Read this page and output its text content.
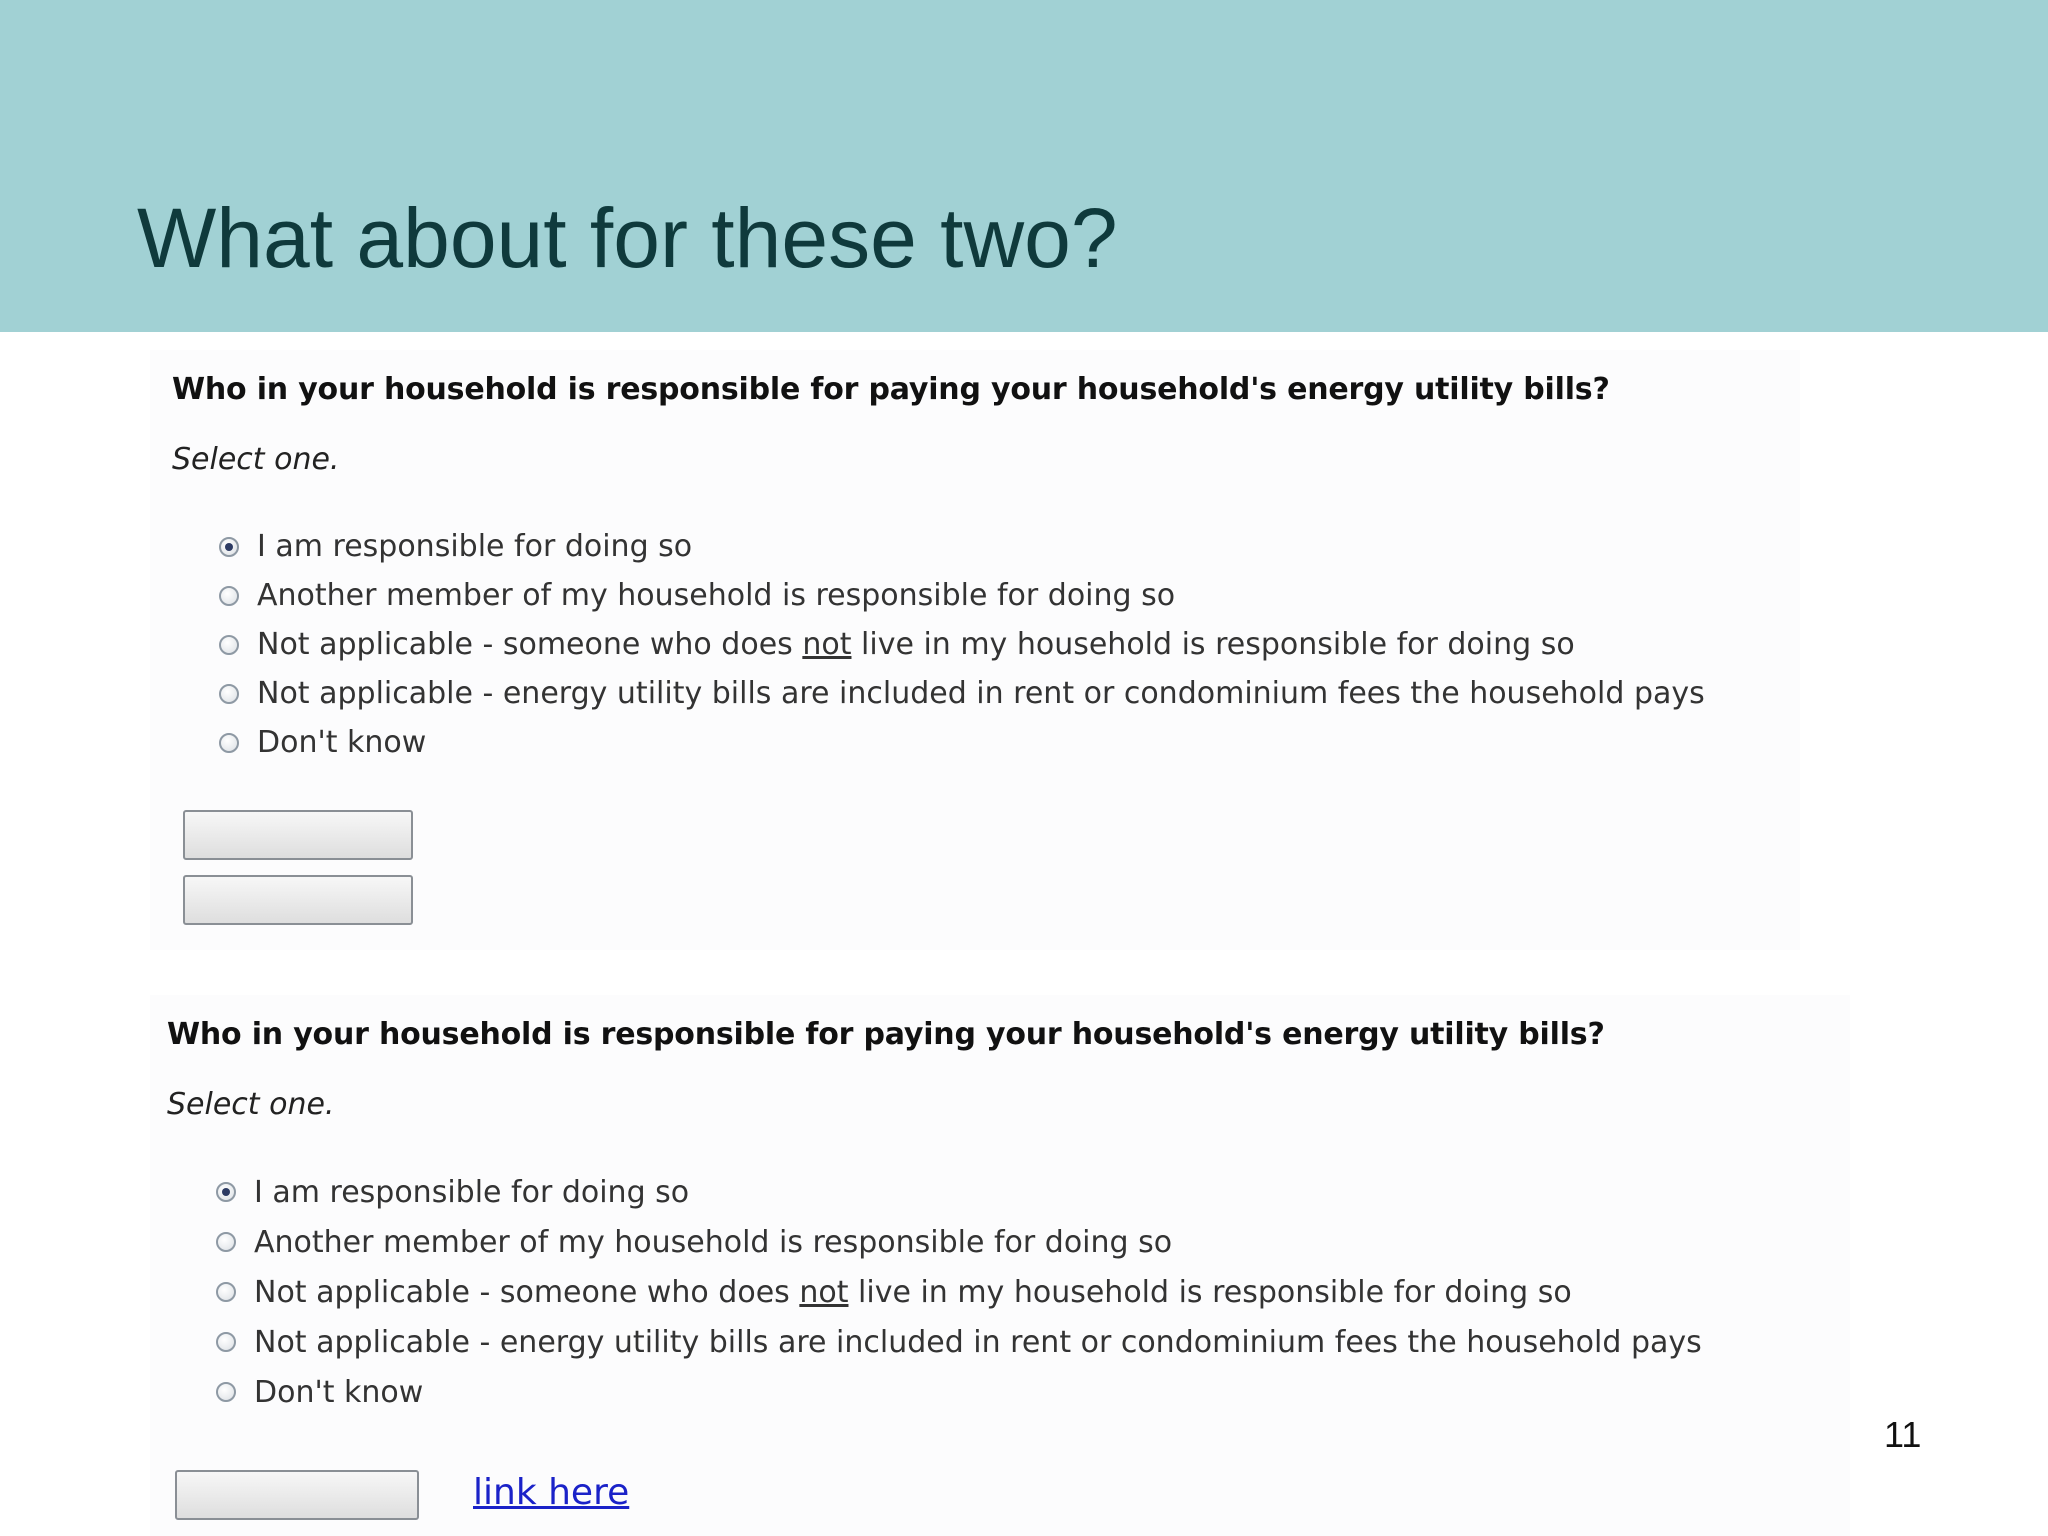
What about for these two?

Who in your household is responsible for paying your household's energy utility bills?

Select one.

I am responsible for doing so
Another member of my household is responsible for doing so
Not applicable - someone who does not live in my household is responsible for doing so
Not applicable - energy utility bills are included in rent or condominium fees the household pays
Don't know

Who in your household is responsible for paying your household's energy utility bills?

Select one.

I am responsible for doing so
Another member of my household is responsible for doing so
Not applicable - someone who does not live in my household is responsible for doing so
Not applicable - energy utility bills are included in rent or condominium fees the household pays
Don't know
link here

11
